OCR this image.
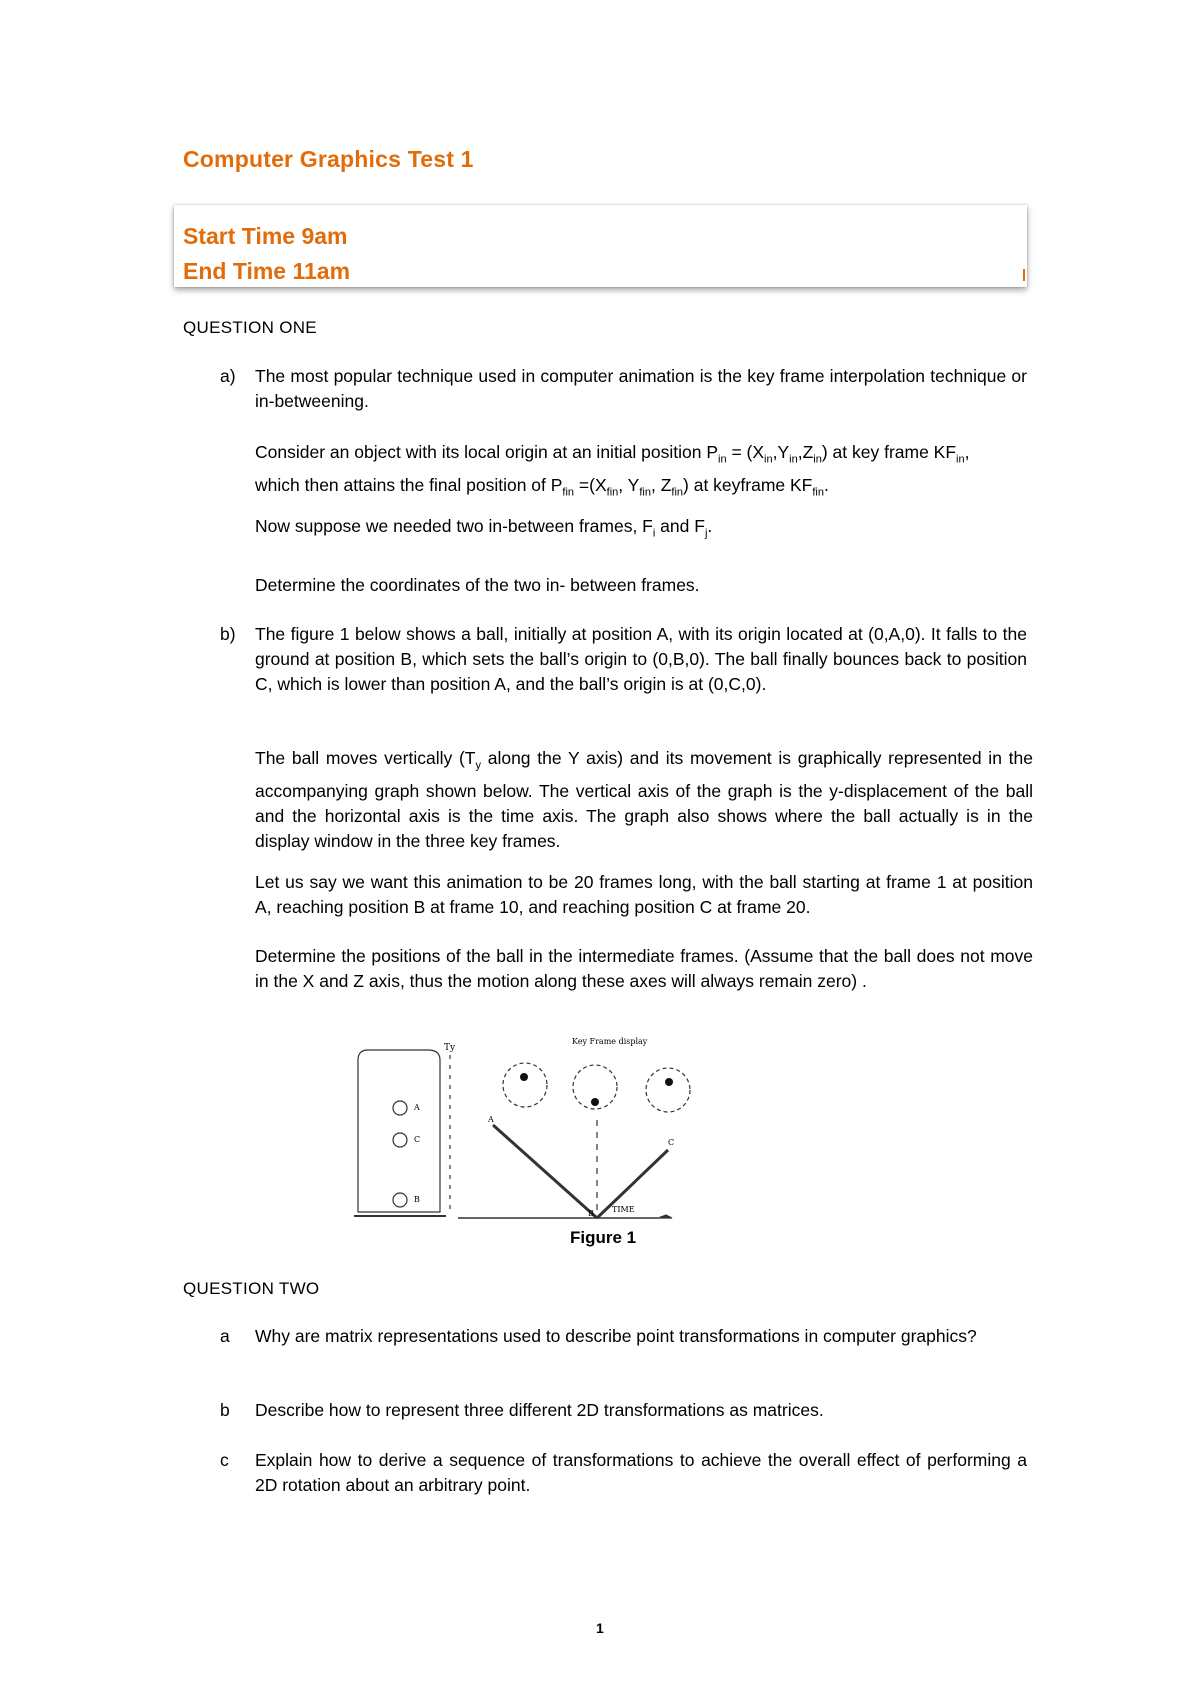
Computer Graphics Test 1
Start Time 9am
End Time 11am
QUESTION ONE
a)	The most popular technique used in computer animation is the key frame interpolation technique or in-betweening.
Consider an object with its local origin at an initial position $P_{in} = (X_{in},Y_{in},Z_{in})$ at key frame $KF_{in}$,
which then attains the final position of $P_{fin} =(X_{fin}$, $Y_{fin}$, $Z_{fin}$) at keyframe $KF_{fin}$.
Now suppose we needed two in-between frames, $F_i$ and $F_j$.
Determine the coordinates of the two in- between frames.
b)	The figure 1 below shows a ball, initially at position A, with its origin located at (0,A,0). It falls to the ground at position B, which sets the ball’s origin to (0,B,0). The ball finally bounces back to position C, which is lower than position A, and the ball’s origin is at (0,C,0).
The ball moves vertically ($T_y$ along the Y axis) and its movement is graphically represented in the accompanying graph shown below. The vertical axis of the graph is the y-displacement of the ball and the horizontal axis is the time axis. The graph also shows where the ball actually is in the display window in the three key frames.
Let us say we want this animation to be 20 frames long, with the ball starting at frame 1 at position A, reaching position B at frame 10, and reaching position C at frame 20.
Determine the positions of the ball in the intermediate frames. (Assume that the ball does not move in the X and Z axis, thus the motion along these axes will always remain zero) .
Ty
Key Frame display
A
C
B TIME
A
C
B
Figure 1
QUESTION TWO
a Why are matrix representations used to describe point transformations in computer graphics?
b Describe how to represent three different 2D transformations as matrices.
c Explain how to derive a sequence of transformations to achieve the overall effect of performing a 2D rotation about an arbitrary point.
1
